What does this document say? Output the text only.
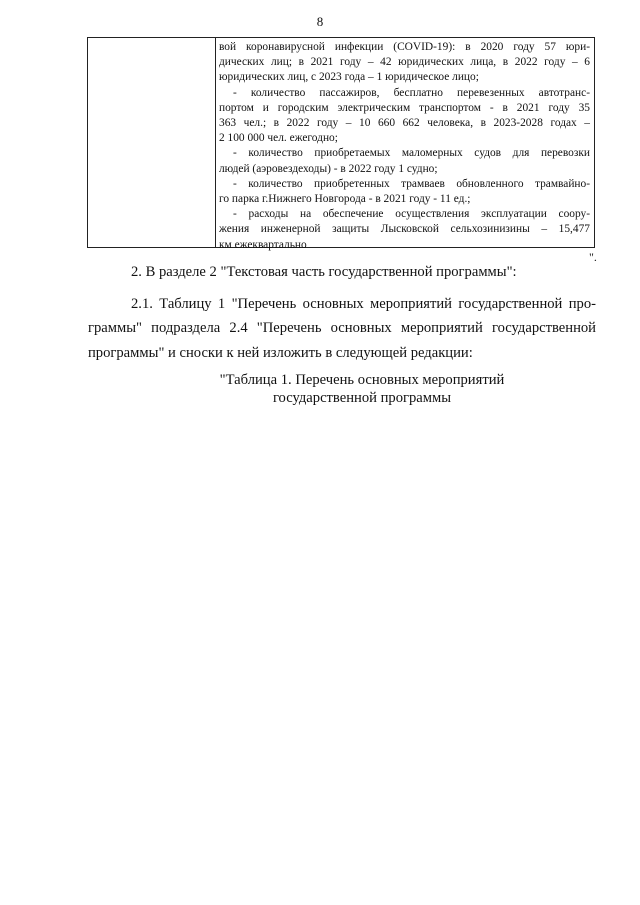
8
вой коронавирусной инфекции (COVID-19): в 2020 году 57 юри-
дических лиц; в 2021 году – 42 юридических лица, в 2022 году – 6
юридических лиц, с 2023 года – 1 юридическое лицо;
- количество пассажиров, бесплатно перевезенных автотранс-
портом и городским электрическим транспортом - в 2021 году 35
363 чел.; в 2022 году – 10 660 662 человека, в 2023-2028 годах –
2 100 000 чел. ежегодно;
- количество приобретаемых маломерных судов для перевозки
людей (аэровездеходы) - в 2022 году 1 судно;
- количество приобретенных трамваев обновленного трамвайно-
го парка г.Нижнего Новгорода - в 2021 году - 11 ед.;
- расходы на обеспечение осуществления эксплуатации соору-
жения инженерной защиты Лысковской сельхозинизины – 15,477
км ежеквартально
".
2. В разделе 2 "Текстовая часть государственной программы":
2.1. Таблицу 1 "Перечень основных мероприятий государственной про-
граммы" подраздела 2.4 "Перечень основных мероприятий государственной
программы" и сноски к ней изложить в следующей редакции:
"Таблица 1. Перечень основных мероприятий
государственной программы
